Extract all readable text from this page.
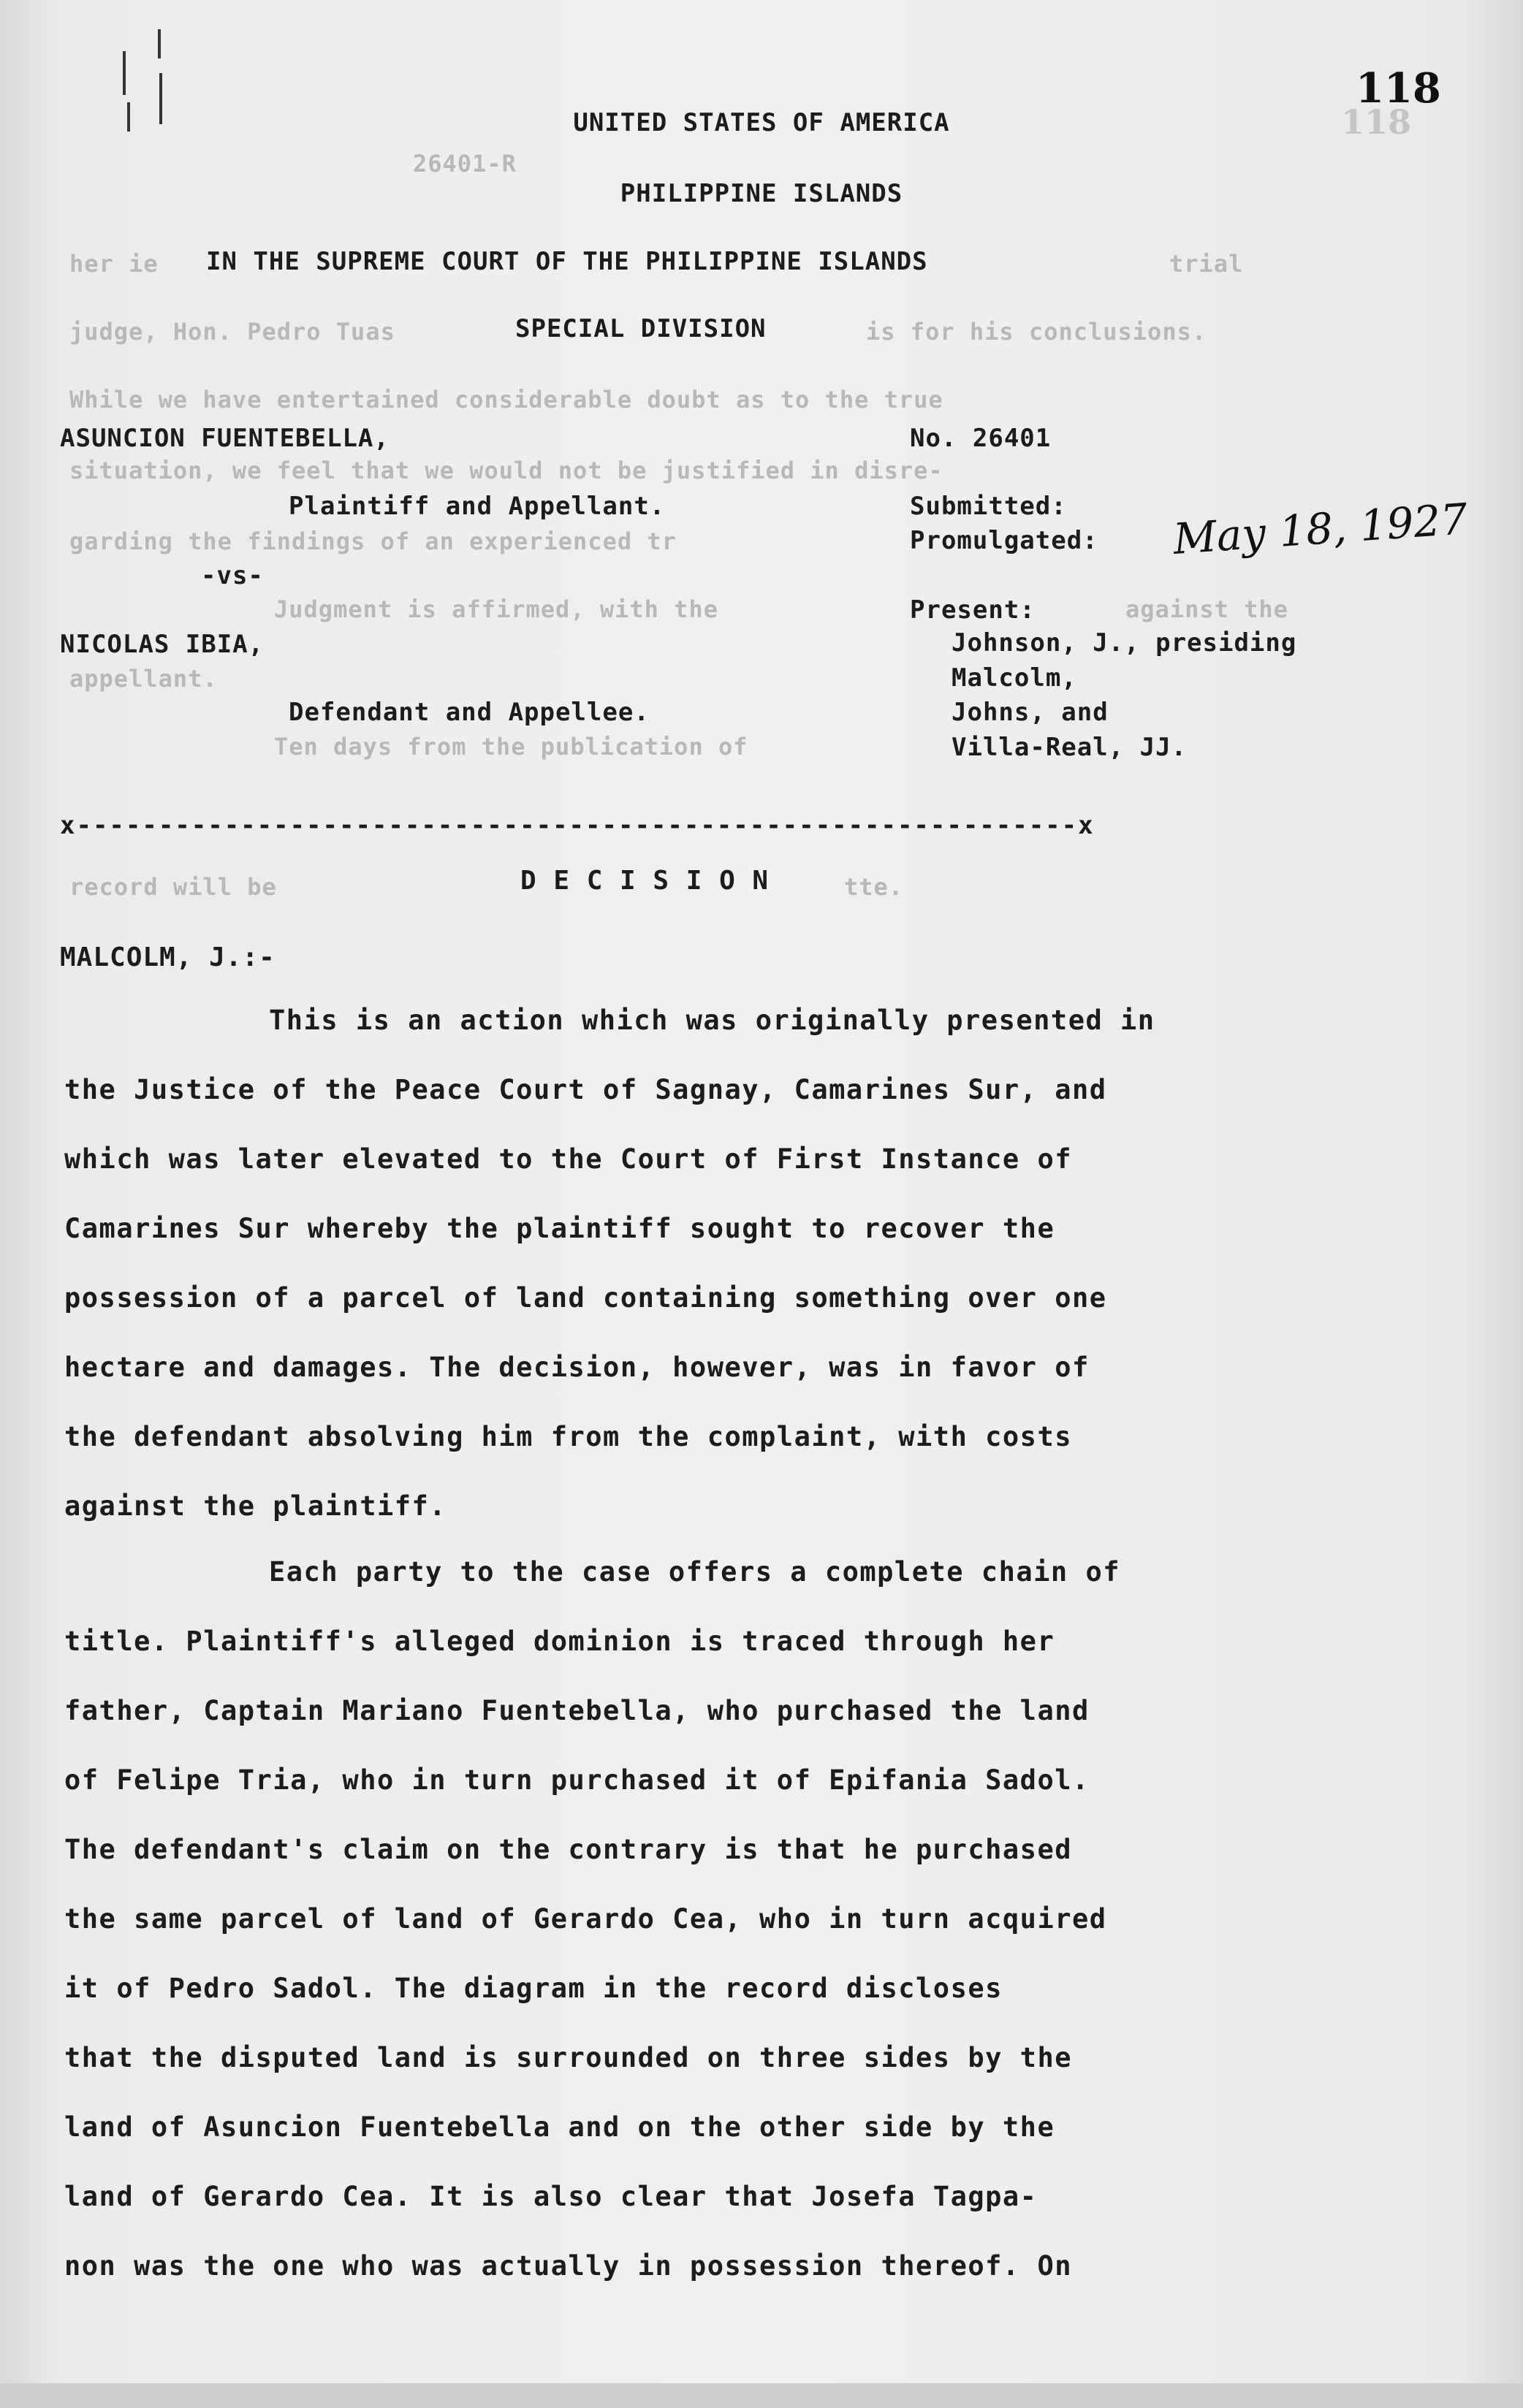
26401-R
her ie	trial
judge, Hon. Pedro Tuas	is for his conclusions.
While we have entertained considerable doubt as to the true
situation, we feel that we would not be justified in disre-
garding the findings of an experienced tr
Judgment is affirmed, with the	against the
appellant.
Ten days from the publication of
record will be	tte.
118
118
UNITED STATES OF AMERICA
PHILIPPINE ISLANDS
IN THE SUPREME COURT OF THE PHILIPPINE ISLANDS
SPECIAL DIVISION
ASUNCION FUENTEBELLA,
Plaintiff and Appellant.
-vs-
NICOLAS IBIA,
Defendant and Appellee.
No. 26401
Submitted:
Promulgated: May 18, 1927
Present:
Johnson, J., presiding
Malcolm,
Johns, and
Villa-Real, JJ.
x-------------------------------------------------------------x
D E C I S I O N
MALCOLM, J.:-
This is an action which was originally presented in
the Justice of the Peace Court of Sagnay, Camarines Sur, and
which was later elevated to the Court of First Instance of
Camarines Sur whereby the plaintiff sought to recover the
possession of a parcel of land containing something over one
hectare and damages. The decision, however, was in favor of
the defendant absolving him from the complaint, with costs
against the plaintiff.
Each party to the case offers a complete chain of
title. Plaintiff's alleged dominion is traced through her
father, Captain Mariano Fuentebella, who purchased the land
of Felipe Tria, who in turn purchased it of Epifania Sadol.
The defendant's claim on the contrary is that he purchased
the same parcel of land of Gerardo Cea, who in turn acquired
it of Pedro Sadol. The diagram in the record discloses
that the disputed land is surrounded on three sides by the
land of Asuncion Fuentebella and on the other side by the
land of Gerardo Cea. It is also clear that Josefa Tagpa-
non was the one who was actually in possession thereof. On
